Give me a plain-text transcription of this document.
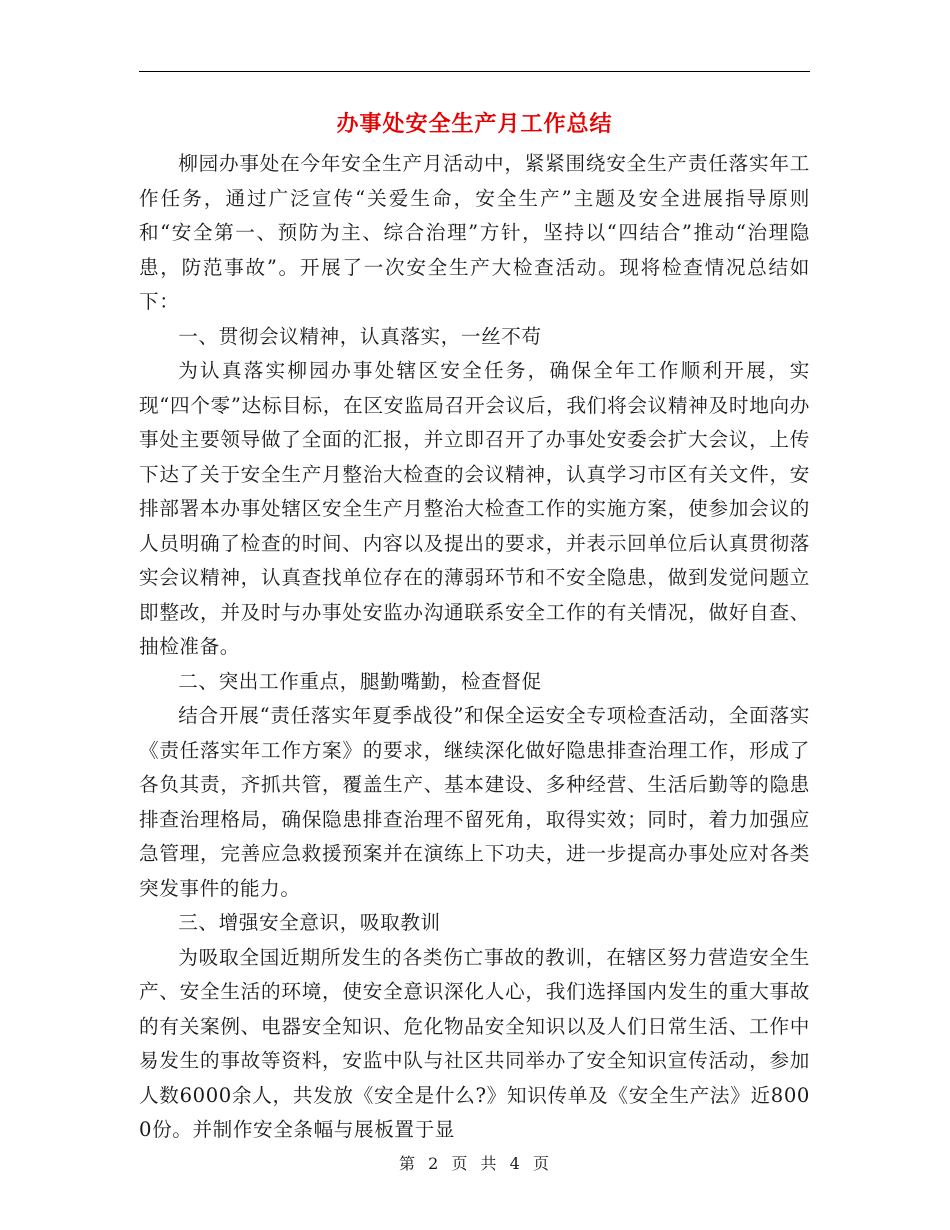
办事处安全生产月工作总结

柳园办事处在今年安全生产月活动中，紧紧围绕安全生产责任落实年工作任务，通过广泛宣传“关爱生命，安全生产”主题及安全进展指导原则和“安全第一、预防为主、综合治理”方针，坚持以“四结合”推动“治理隐患，防范事故”。开展了一次安全生产大检查活动。现将检查情况总结如下：

一、贯彻会议精神，认真落实，一丝不苟

为认真落实柳园办事处辖区安全任务，确保全年工作顺利开展，实现“四个零”达标目标，在区安监局召开会议后，我们将会议精神及时地向办事处主要领导做了全面的汇报，并立即召开了办事处安委会扩大会议，上传下达了关于安全生产月整治大检查的会议精神，认真学习市区有关文件，安排部署本办事处辖区安全生产月整治大检查工作的实施方案，使参加会议的人员明确了检查的时间、内容以及提出的要求，并表示回单位后认真贯彻落实会议精神，认真查找单位存在的薄弱环节和不安全隐患，做到发觉问题立即整改，并及时与办事处安监办沟通联系安全工作的有关情况，做好自查、抽检准备。

二、突出工作重点，腿勤嘴勤，检查督促

结合开展“责任落实年夏季战役”和保全运安全专项检查活动，全面落实《责任落实年工作方案》的要求，继续深化做好隐患排查治理工作，形成了各负其责，齐抓共管，覆盖生产、基本建设、多种经营、生活后勤等的隐患排查治理格局，确保隐患排查治理不留死角，取得实效；同时，着力加强应急管理，完善应急救援预案并在演练上下功夫，进一步提高办事处应对各类突发事件的能力。

三、增强安全意识，吸取教训

为吸取全国近期所发生的各类伤亡事故的教训，在辖区努力营造安全生产、安全生活的环境，使安全意识深化人心，我们选择国内发生的重大事故的有关案例、电器安全知识、危化物品安全知识以及人们日常生活、工作中易发生的事故等资料，安监中队与社区共同举办了安全知识宣传活动，参加人数6000余人，共发放《安全是什么?》知识传单及《安全生产法》近8000份。并制作安全条幅与展板置于显

第 2 页 共 4 页
